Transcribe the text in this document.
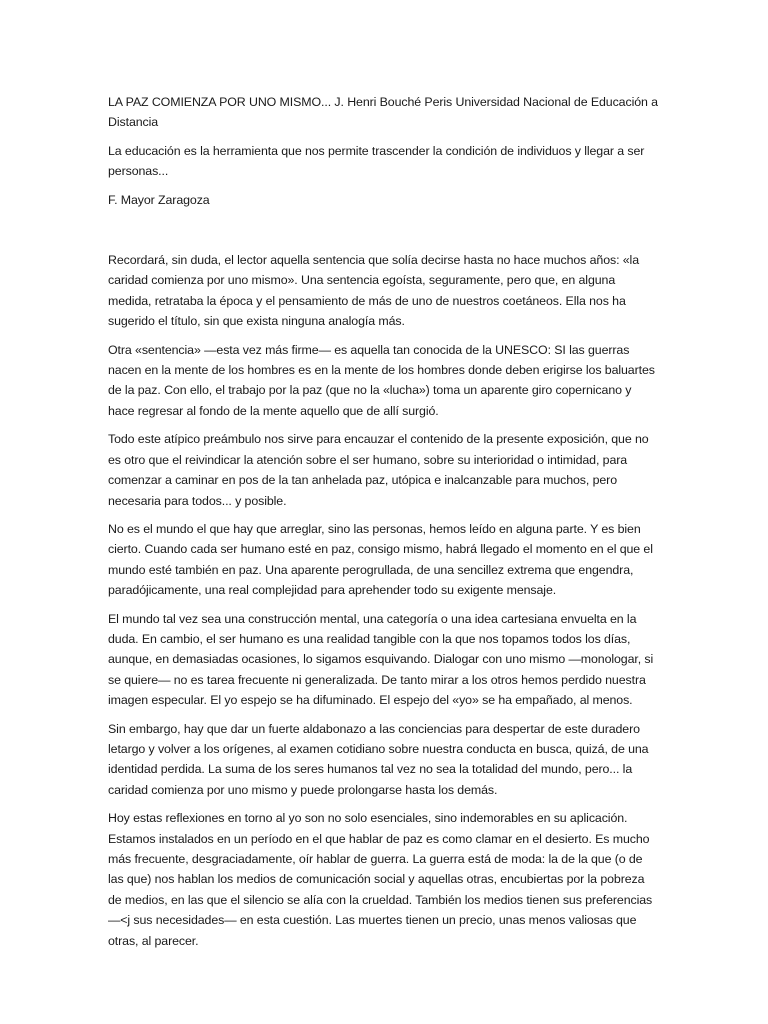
LA PAZ COMIENZA POR UNO MISMO... J. Henri Bouché Peris Universidad Nacional de Educación a Distancia

La educación es la herramienta que nos permite trascender la condición de individuos y llegar a ser personas...

F. Mayor Zaragoza

Recordará, sin duda, el lector aquella sentencia que solía decirse hasta no hace muchos años: «la caridad comienza por uno mismo». Una sentencia egoísta, seguramente, pero que, en alguna medida, retrataba la época y el pensamiento de más de uno de nuestros coetáneos. Ella nos ha sugerido el título, sin que exista ninguna analogía más.

Otra «sentencia» —esta vez más firme— es aquella tan conocida de la UNESCO: SI las guerras nacen en la mente de los hombres es en la mente de los hombres donde deben erigirse los baluartes de la paz. Con ello, el trabajo por la paz (que no la «lucha») toma un aparente giro copernicano y hace regresar al fondo de la mente aquello que de allí surgió.

Todo este atípico preámbulo nos sirve para encauzar el contenido de la presente exposición, que no es otro que el reivindicar la atención sobre el ser humano, sobre su interioridad o intimidad, para comenzar a caminar en pos de la tan anhelada paz, utópica e inalcanzable para muchos, pero necesaria para todos... y posible.

No es el mundo el que hay que arreglar, sino las personas, hemos leído en alguna parte. Y es bien cierto. Cuando cada ser humano esté en paz, consigo mismo, habrá llegado el momento en el que el mundo esté también en paz. Una aparente perogrullada, de una sencillez extrema que engendra, paradójicamente, una real complejidad para aprehender todo su exigente mensaje.

El mundo tal vez sea una construcción mental, una categoría o una idea cartesiana envuelta en la duda. En cambio, el ser humano es una realidad tangible con la que nos topamos todos los días, aunque, en demasiadas ocasiones, lo sigamos esquivando. Dialogar con uno mismo —monologar, si se quiere— no es tarea frecuente ni generalizada. De tanto mirar a los otros hemos perdido nuestra imagen especular. El yo espejo se ha difuminado. El espejo del «yo» se ha empañado, al menos.

Sin embargo, hay que dar un fuerte aldabonazo a las conciencias para despertar de este duradero letargo y volver a los orígenes, al examen cotidiano sobre nuestra conducta en busca, quizá, de una identidad perdida. La suma de los seres humanos tal vez no sea la totalidad del mundo, pero... la caridad comienza por uno mismo y puede prolongarse hasta los demás.

Hoy estas reflexiones en torno al yo son no solo esenciales, sino indemorables en su aplicación. Estamos instalados en un período en el que hablar de paz es como clamar en el desierto. Es mucho más frecuente, desgraciadamente, oír hablar de guerra. La guerra está de moda: la de la que (o de las que) nos hablan los medios de comunicación social y aquellas otras, encubiertas por la pobreza de medios, en las que el silencio se alía con la crueldad. También los medios tienen sus preferencias —<j sus necesidades— en esta cuestión. Las muertes tienen un precio, unas menos valiosas que otras, al parecer.
